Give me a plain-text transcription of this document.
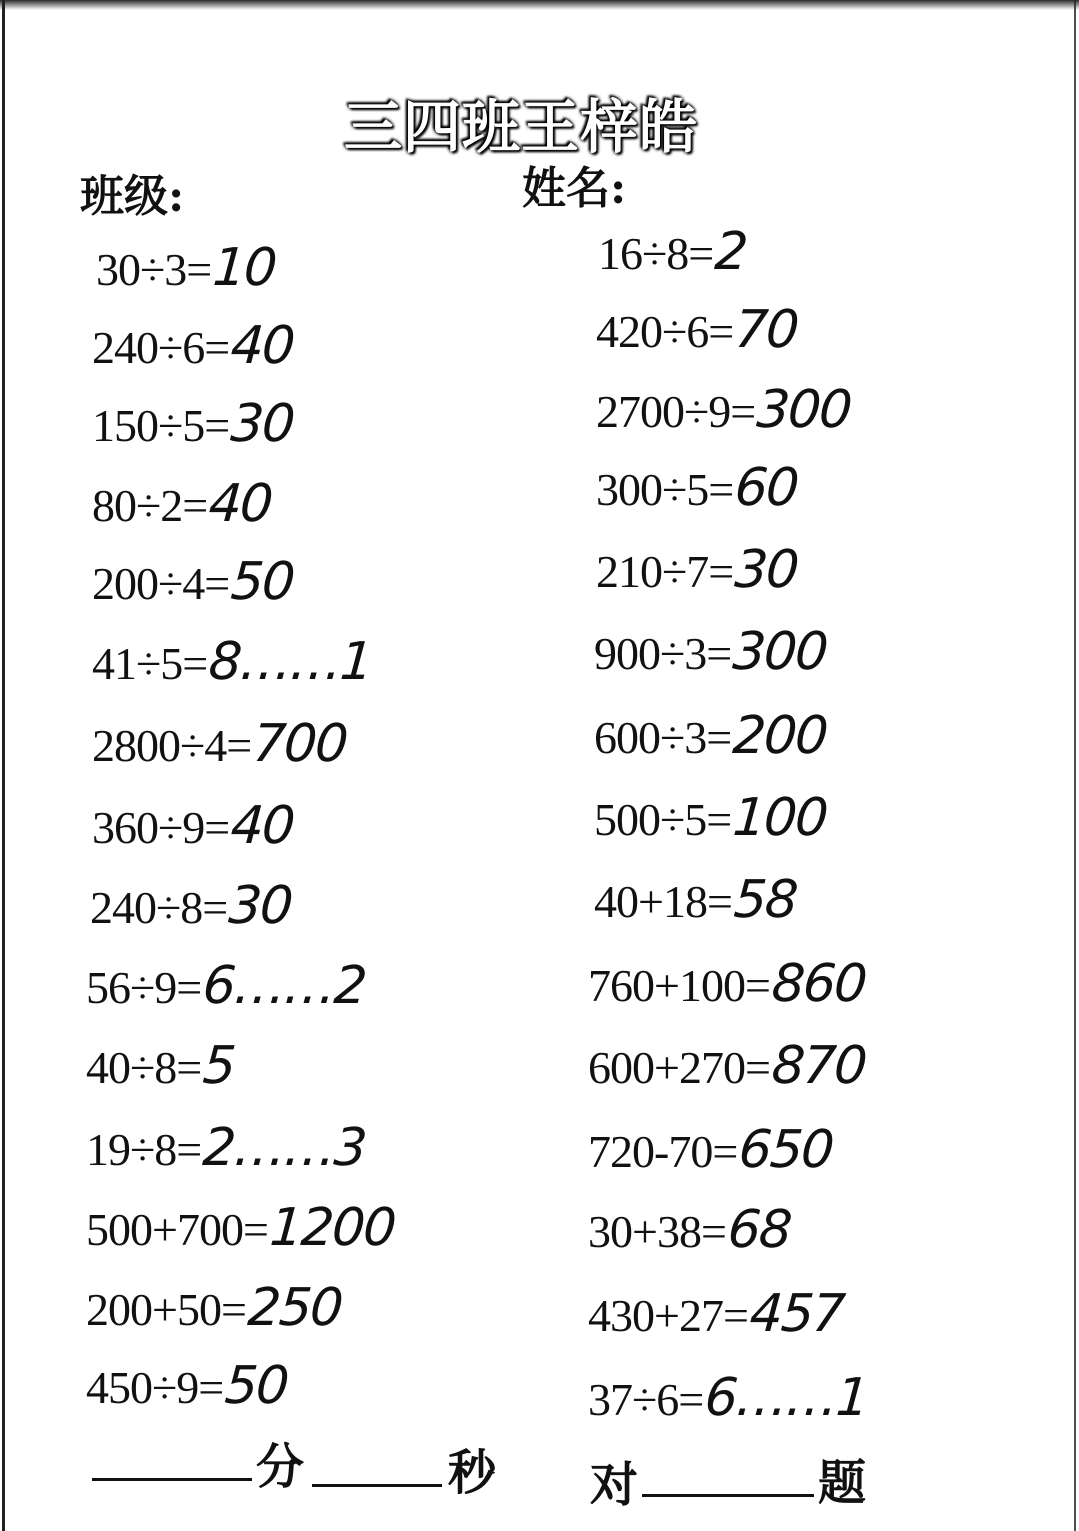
三四班王梓皓
班级:	姓名:
30÷3= 10
240÷6= 40
150÷5= 30
80÷2= 40
200÷4= 50
41÷5= 8……1
2800÷4= 700
360÷9= 40
240÷8= 30
56÷9= 6……2
40÷8= 5
19÷8= 2……3
500+700= 1200
200+50= 250
450÷9= 50
16÷8= 2
420÷6= 70
2700÷9= 300
300÷5= 60
210÷7= 30
900÷3= 300
600÷3= 200
500÷5= 100
40+18= 58
760+100= 860
600+270= 870
720-70= 650
30+38= 68
430+27= 457
37÷6= 6……1
分	秒 对	题
